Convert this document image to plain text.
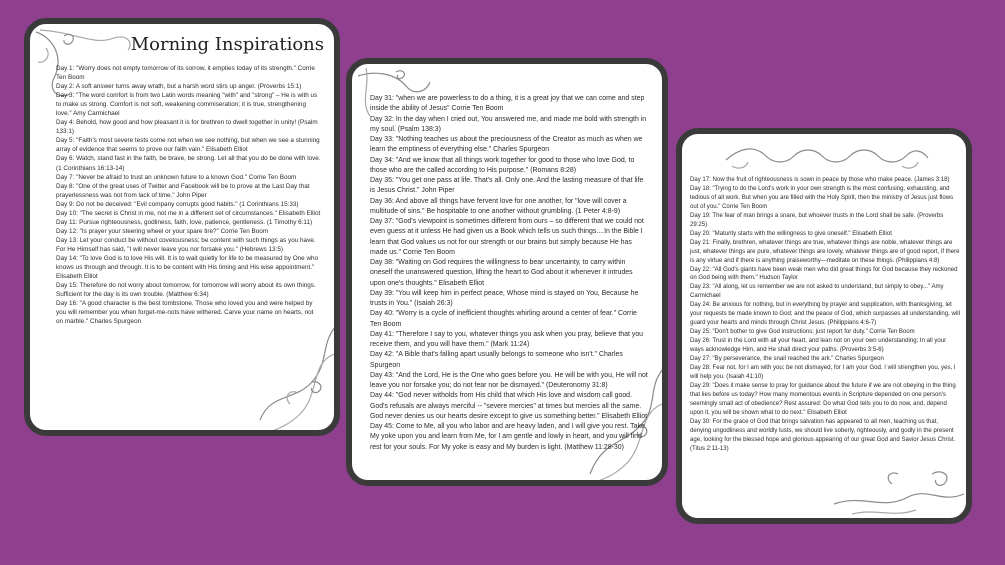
Morning Inspirations
Day 1: "Worry does not empty tomorrow of its sorrow, it empties today of its strength." Corrie Ten Boom
Day 2: A soft answer turns away wrath, but a harsh word stirs up anger. (Proverbs 15:1)
Day 3: "The word comfort is from two Latin words meaning "with" and "strong" – He is with us to make us strong. Comfort is not soft, weakening commiseration; it is true, strengthening love." Amy Carmichael
Day 4: Behold, how good and how pleasant it is for brethren to dwell together in unity! (Psalm 133:1)
Day 5: "Faith's most severe tests come not when we see nothing, but when we see a stunning array of evidence that seems to prove our faith vain." Elisabeth Elliot
Day 6: Watch, stand fast in the faith, be brave, be strong. Let all that you do be done with love. (1 Corinthians 16:13-14)
Day 7: "Never be afraid to trust an unknown future to a known God." Corrie Ten Boom
Day 8: "One of the great uses of Twitter and Facebook will be to prove at the Last Day that prayerlessness was not from lack of time." John Piper
Day 9: Do not be deceived: "Evil company corrupts good habits." (1 Corinthians 15:33)
Day 10: "The secret is Christ in me, not me in a different set of circumstances." Elisabeth Elliot
Day 11: Pursue righteousness, godliness, faith, love, patience, gentleness. (1 Timothy 6:11)
Day 12: "Is prayer your steering wheel or your spare tire?" Corrie Ten Boom
Day 13: Let your conduct be without covetousness; be content with such things as you have. For He Himself has said, "I will never leave you nor forsake you." (Hebrews 13:5)
Day 14: "To love God is to love His will. It is to wait quietly for life to be measured by One who knows us through and through. It is to be content with His timing and His wise appointment." Elisabeth Elliot
Day 15: Therefore do not worry about tomorrow, for tomorrow will worry about its own things. Sufficient for the day is its own trouble. (Matthew 6:34)
Day 16: "A good character is the best tombstone. Those who loved you and were helped by you will remember you when forget-me-nots have withered. Carve your name on hearts, not on marble." Charles Spurgeon
Day 31: "when we are powerless to do a thing, it is a great joy that we can come and step inside the ability of Jesus" Corrie Ten Boom
Day 32: In the day when I cried out, You answered me, and made me bold with strength in my soul. (Psalm 138:3)
Day 33: "Nothing teaches us about the preciousness of the Creator as much as when we learn the emptiness of everything else." Charles Spurgeon
Day 34: "And we know that all things work together for good to those who love God, to those who are the called according to His purpose." (Romans 8:28)
Day 35: "You get one pass at life. That's all. Only one. And the lasting measure of that life is Jesus Christ." John Piper
Day 36: And above all things have fervent love for one another, for "love will cover a multitude of sins." Be hospitable to one another without grumbling. (1 Peter 4:8-9)
Day 37: "God's viewpoint is sometimes different from ours – so different that we could not even guess at it unless He had given us a Book which tells us such things....In the Bible I learn that God values us not for our strength or our brains but simply because He has made us." Corrie Ten Boom
Day 38: "Waiting on God requires the willingness to bear uncertainty, to carry within oneself the unanswered question, lifting the heart to God about it whenever it intrudes upon one's thoughts." Elisabeth Elliot
Day 39: "You will keep him in perfect peace, Whose mind is stayed on You, Because he trusts in You." (Isaiah 26:3)
Day 40: "Worry is a cycle of inefficient thoughts whirling around a center of fear." Corrie Ten Boom
Day 41: "Therefore I say to you, whatever things you ask when you pray, believe that you receive them, and you will have them." (Mark 11:24)
Day 42: "A Bible that's falling apart usually belongs to someone who isn't." Charles Spurgeon
Day 43: "And the Lord, He is the One who goes before you. He will be with you, He will not leave you nor forsake you; do not fear nor be dismayed." (Deuteronomy 31:8)
Day 44: "God never witholds from His child that which His love and wisdom call good. God's refusals are always merciful -- "severe mercies" at times but mercies all the same. God never denies us our hearts desire except to give us something better." Elisabeth Elliot
Day 45: Come to Me, all you who labor and are heavy laden, and I will give you rest. Take My yoke upon you and learn from Me, for I am gentle and lowly in heart, and you will find rest for your souls. For My yoke is easy and My burden is light. (Matthew 11:28-30)
Day 17: Now the fruit of righteousness is sown in peace by those who make peace. (James 3:18)
Day 18: "Trying to do the Lord's work in your own strength is the most confusing, exhausting, and tedious of all work. But when you are filled with the Holy Spirit, then the ministry of Jesus just flows out of you." Corrie Ten Boom
Day 19: The fear of man brings a snare, but whoever trusts in the Lord shall be safe. (Proverbs 29:25)
Day 20: "Maturity starts with the willingness to give oneself." Elisabeth Elliot
Day 21: Finally, brethren, whatever things are true, whatever things are noble, whatever things are just, whatever things are pure, whatever things are lovely, whatever things are of good report, if there is any virtue and if there is anything praiseworthy—meditate on these things. (Philippians 4:8)
Day 22: "All God's giants have been weak men who did great things for God because they reckoned on God being with them." Hudson Taylor
Day 23: "All along, let us remember we are not asked to understand, but simply to obey..." Amy Carmichael
Day 24: Be anxious for nothing, but in everything by prayer and supplication, with thanksgiving, let your requests be made known to God; and the peace of God, which surpasses all understanding, will guard your hearts and minds through Christ Jesus. (Philippians 4:6-7)
Day 25: "Don't bother to give God instructions; just report for duty." Corrie Ten Boom
Day 26: Trust in the Lord with all your heart, and lean not on your own understanding; In all your ways acknowledge Him, and He shall direct your paths. (Proverbs 3:5-6)
Day 27: "By perseverance, the snail reached the ark." Charles Spurgeon
Day 28: Fear not, for I am with you; be not dismayed, for I am your God. I will strengthen you, yes, I will help you. (Isaiah 41:10)
Day 29: "Does it make sense to pray for guidance about the future if we are not obeying in the thing that lies before us today? How many momentous events in Scripture depended on one person's seemingly small act of obedience? Rest assured: Do what God tells you to do now, and, depend upon it, you will be shown what to do next." Elisabeth Elliot
Day 30: For the grace of God that brings salvation has appeared to all men, teaching us that, denying ungodliness and worldly lusts, we should live soberly, righteously, and godly in the present age, looking for the blessed hope and glorious appearing of our great God and Savior Jesus Christ. (Titus 2:11-13)
